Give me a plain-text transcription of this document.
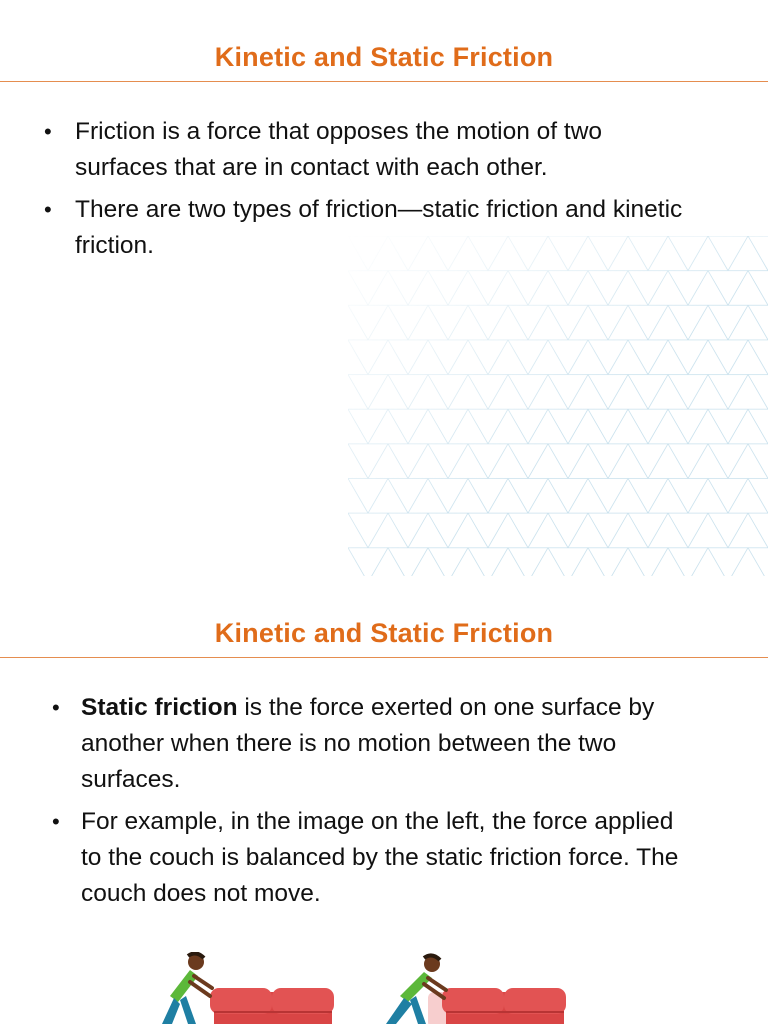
Kinetic and Static Friction
• Friction is a force that opposes the motion of two surfaces that are in contact with each other.
• There are two types of friction—static friction and kinetic friction.
Kinetic and Static Friction
• Static friction is the force exerted on one surface by another when there is no motion between the two surfaces.
• For example, in the image on the left, the force applied to the couch is balanced by the static friction force. The couch does not move.
